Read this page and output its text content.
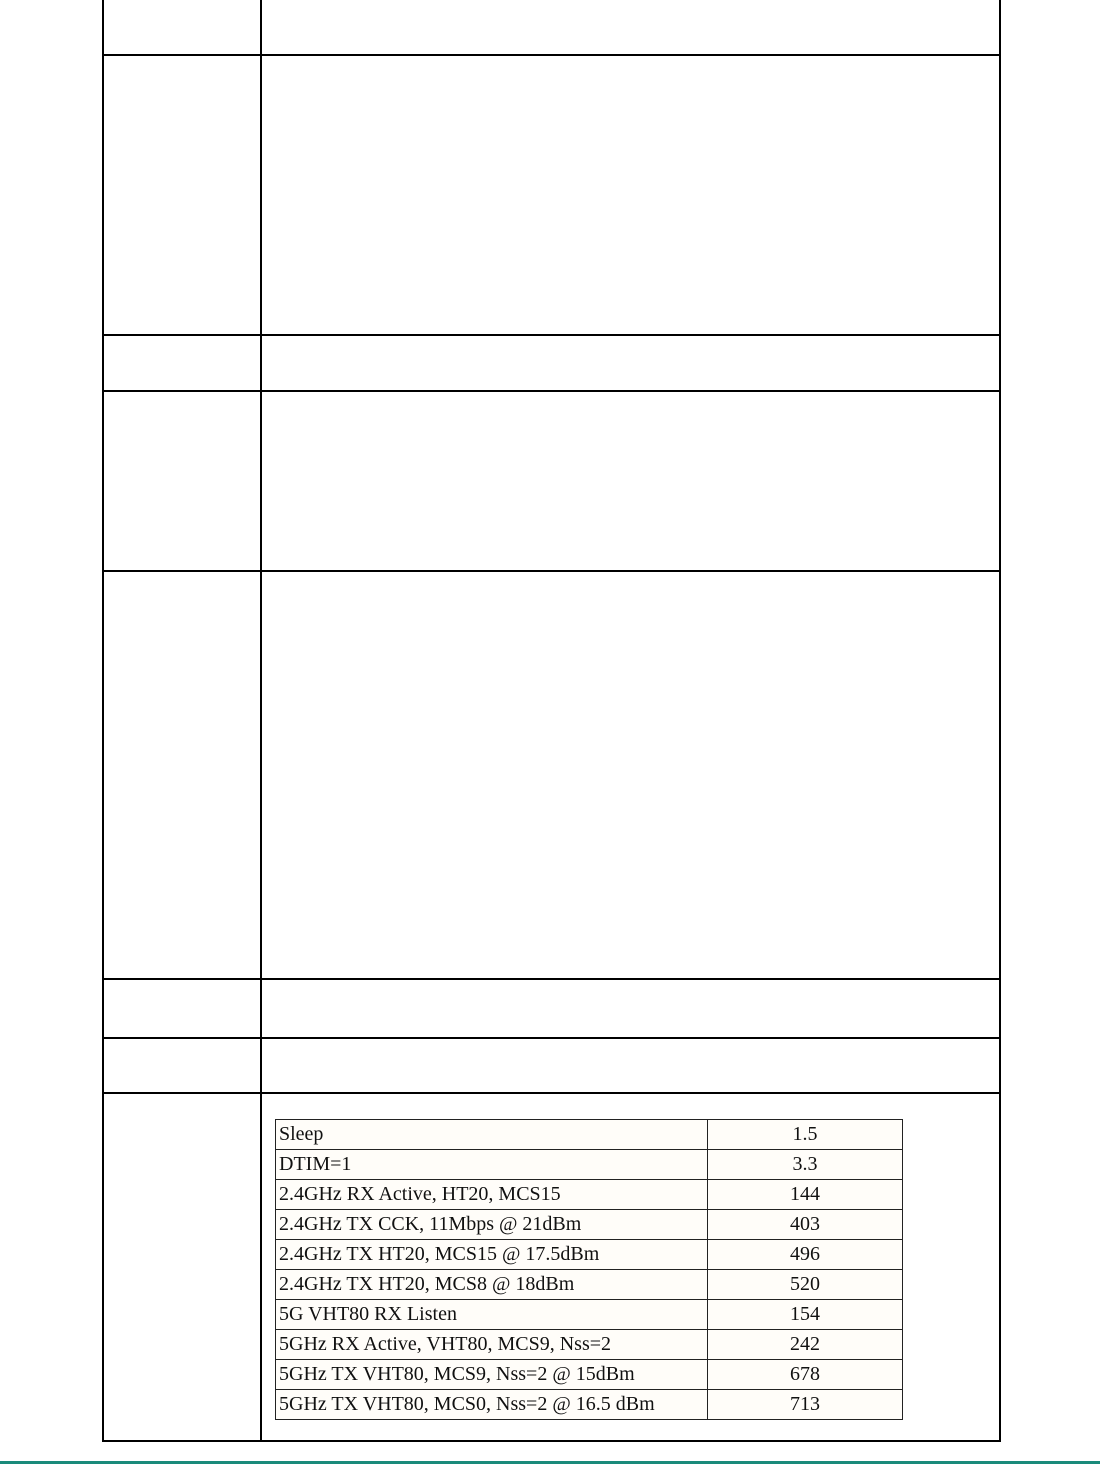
Sleep	1.5
DTIM=1	3.3
2.4GHz RX Active, HT20, MCS15	144
2.4GHz TX CCK, 11Mbps @ 21dBm	403
2.4GHz TX HT20, MCS15 @ 17.5dBm	496
2.4GHz TX HT20, MCS8 @ 18dBm	520
5G VHT80 RX Listen	154
5GHz RX Active, VHT80, MCS9, Nss=2	242
5GHz TX VHT80, MCS9, Nss=2 @ 15dBm	678
5GHz TX VHT80, MCS0, Nss=2 @ 16.5 dBm	713
